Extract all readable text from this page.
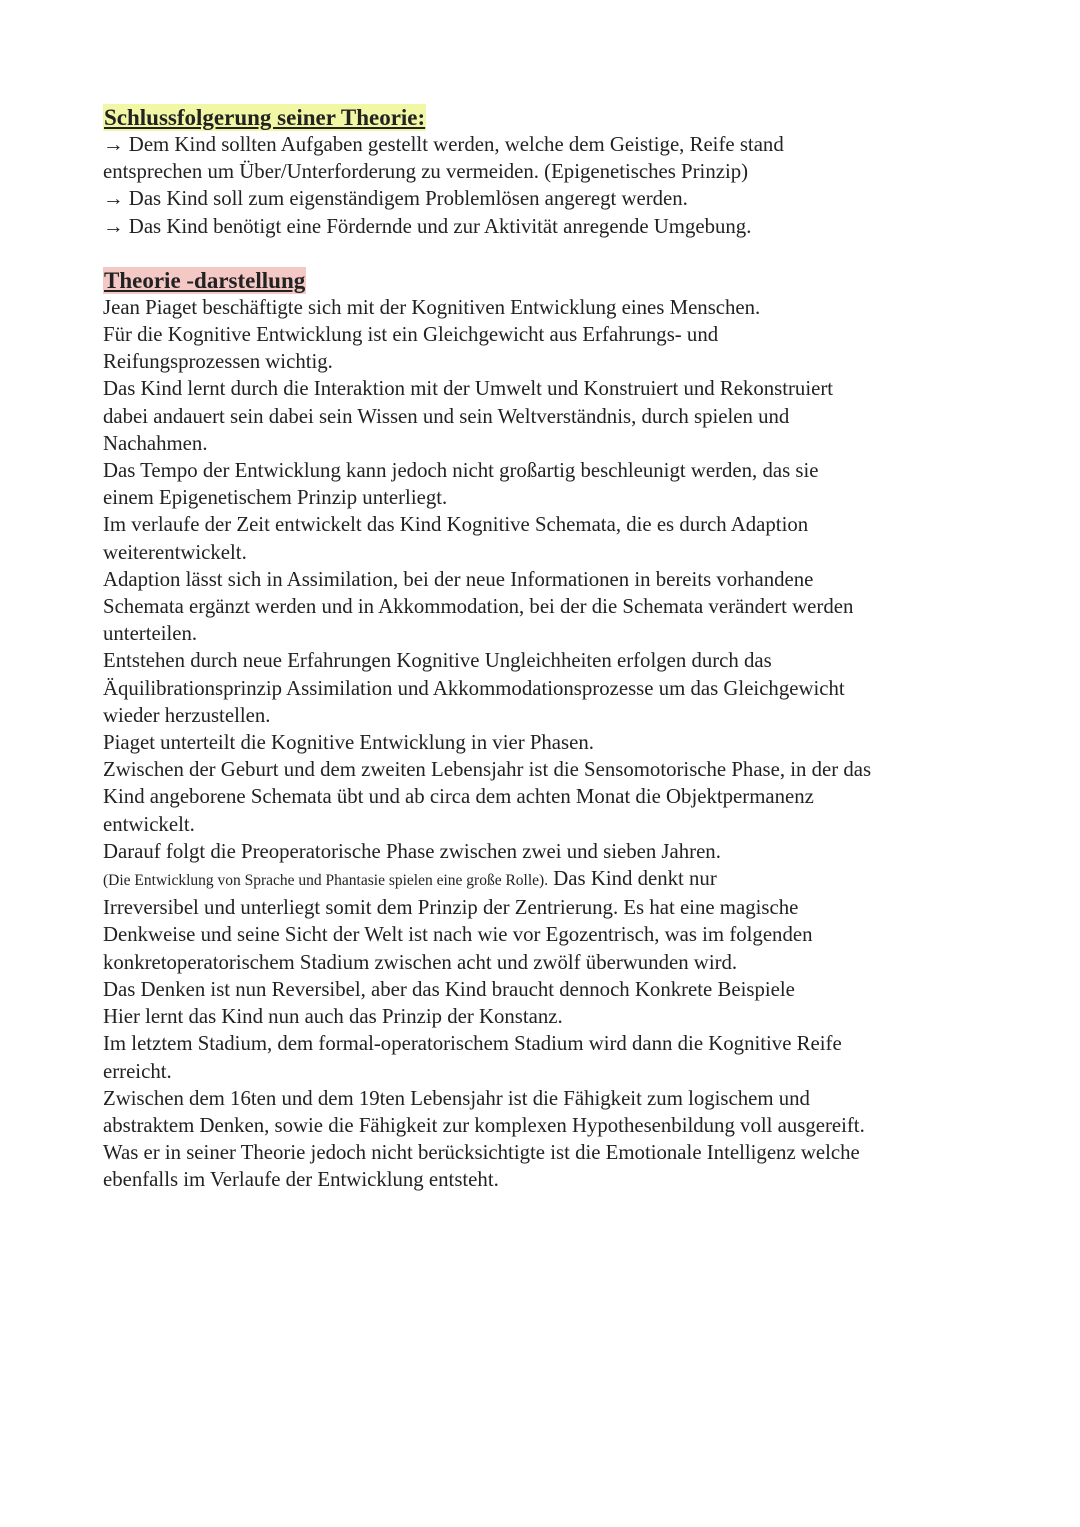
Schlussfolgerung seiner Theorie:
→ Dem Kind sollten Aufgaben gestellt werden, welche dem Geistige, Reife stand
entsprechen um Über/Unterforderung zu vermeiden. (Epigenetisches Prinzip)
→ Das Kind soll zum eigenständigem Problemlösen angeregt werden.
→ Das Kind benötigt eine Fördernde und zur Aktivität anregende Umgebung.
Theorie -darstellung
Jean Piaget beschäftigte sich mit der Kognitiven Entwicklung eines Menschen.
Für die Kognitive Entwicklung ist ein Gleichgewicht aus Erfahrungs- und
Reifungsprozessen wichtig.
Das Kind lernt durch die Interaktion mit der Umwelt und Konstruiert und Rekonstruiert
dabei andauert sein dabei sein Wissen und sein Weltverständnis, durch spielen und
Nachahmen.
Das Tempo der Entwicklung kann jedoch nicht großartig beschleunigt werden, das sie
einem Epigenetischem Prinzip unterliegt.
Im verlaufe der Zeit entwickelt das Kind Kognitive Schemata, die es durch Adaption
weiterentwickelt.
Adaption lässt sich in Assimilation, bei der neue Informationen in bereits vorhandene
Schemata ergänzt werden und in Akkommodation, bei der die Schemata verändert werden
unterteilen.
Entstehen durch neue Erfahrungen Kognitive Ungleichheiten erfolgen durch das
Äquilibrationsprinzip Assimilation und Akkommodationsprozesse um das Gleichgewicht
wieder herzustellen.
Piaget unterteilt die Kognitive Entwicklung in vier Phasen.
Zwischen der Geburt und dem zweiten Lebensjahr ist die Sensomotorische Phase, in der das
Kind angeborene Schemata übt und ab circa dem achten Monat die Objektpermanenz
entwickelt.
Darauf folgt die Preoperatorische Phase zwischen zwei und sieben Jahren.
(Die Entwicklung von Sprache und Phantasie spielen eine große Rolle). Das Kind denkt nur
Irreversibel und unterliegt somit dem Prinzip der Zentrierung. Es hat eine magische
Denkweise und seine Sicht der Welt ist nach wie vor Egozentrisch, was im folgenden
konkretoperatorischem Stadium zwischen acht und zwölf überwunden wird.
Das Denken ist nun Reversibel, aber das Kind braucht dennoch Konkrete Beispiele
Hier lernt das Kind nun auch das Prinzip der Konstanz.
Im letztem Stadium, dem formal-operatorischem Stadium wird dann die Kognitive Reife
erreicht.
Zwischen dem 16ten und dem 19ten Lebensjahr ist die Fähigkeit zum logischem und
abstraktem Denken, sowie die Fähigkeit zur komplexen Hypothesenbildung voll ausgereift.
Was er in seiner Theorie jedoch nicht berücksichtigte ist die Emotionale Intelligenz welche
ebenfalls im Verlaufe der Entwicklung entsteht.
